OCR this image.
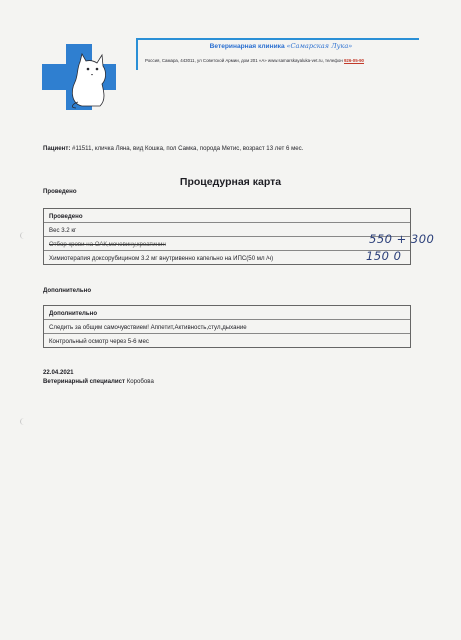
Ветеринарная клиника «Самарская Лука»
Россия, Самара, 443011, ул Советской Армии, дом 201 «А» www.samarskayaluka-vet.ru, телефон 926-05-90
Пациент: #11511, кличка Ляна, вид Кошка, пол Самка, порода Метис, возраст 13 лет 6 мес.
Процедурная карта
Проведено
Проведено
Вес 3.2 кг
Отбор крови на ОАК,мочевину,креатинин
Химиотерапия доксорубицином 3.2 мг внутривенно капельно на ИПС(50 мл /ч)
550 + 300
150 0
Дополнительно
Дополнительно
Следить за общим самочувствием! Аппетит,Активность,стул,дыхание
Контрольный осмотр через 5-6 мес
22.04.2021
Ветеринарный специалист Коробова
